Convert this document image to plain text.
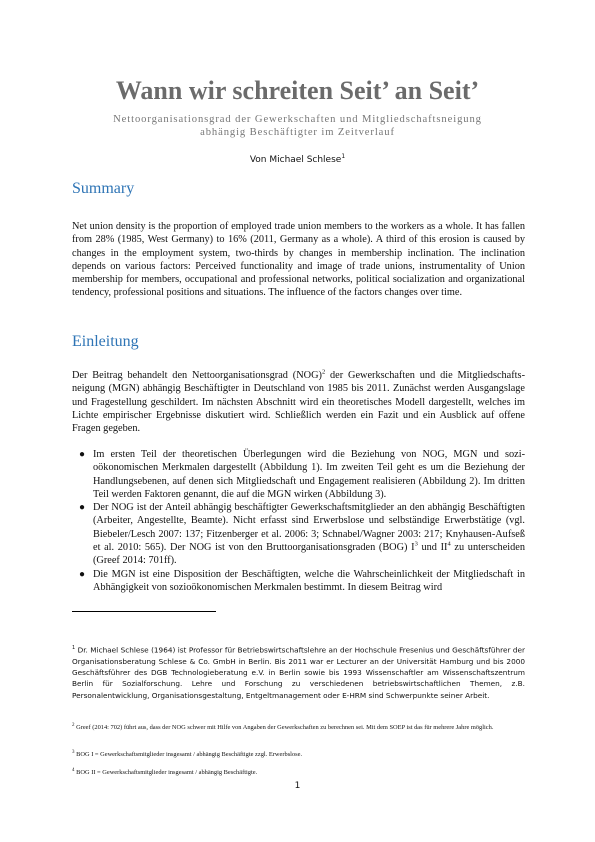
Wann wir schreiten Seit’ an Seit’

Nettoorganisationsgrad der Gewerkschaften und Mitgliedschaftsneigung
abhängig Beschäftigter im Zeitverlauf

Von Michael Schlese$^1$
Summary

Net union density is the proportion of employed trade union members to the workers as a whole. It has fallen from 28% (1985, West Germany) to 16% (2011, Germany as a whole). A third of this erosion is caused by changes in the employment system, two-thirds by changes in membership inclination. The inclination depends on various factors: Perceived functionality and image of trade unions, instrumentality of Union membership for members, occupational and professional networks, political socialization and organizational tendency, professional positions and situations. The influence of the factors changes over time.

Einleitung

Der Beitrag behandelt den Nettoorganisationsgrad (NOG)$^2$ der Gewerkschaften und die Mitgliedschaftsneigung (MGN) abhängig Beschäftigter in Deutschland von 1985 bis 2011. Zunächst werden Ausgangslage und Fragestellung geschildert. Im nächsten Abschnitt wird ein theoretisches Modell dargestellt, welches im Lichte empirischer Ergebnisse diskutiert wird. Schließlich werden ein Fazit und ein Ausblick auf offene Fragen gegeben.

● Im ersten Teil der theoretischen Überlegungen wird die Beziehung von NOG, MGN und sozioökonomischen Merkmalen dargestellt (Abbildung 1). Im zweiten Teil geht es um die Beziehung der Handlungsebenen, auf denen sich Mitgliedschaft und Engagement realisieren (Abbildung 2). Im dritten Teil werden Faktoren genannt, die auf die MGN wirken (Abbildung 3).
● Der NOG ist der Anteil abhängig beschäftigter Gewerkschaftsmitglieder an den abhängig Beschäftigten (Arbeiter, Angestellte, Beamte). Nicht erfasst sind Erwerbslose und selbständige Erwerbstätige (vgl. Biebeler/Lesch 2007: 137; Fitzenberger et al. 2006: 3; Schnabel/Wagner 2003: 217; Knyhausen-Aufseß et al. 2010: 565). Der NOG ist von den Bruttoorganisationsgraden (BOG) $I^3$ und $II^4$ zu unterscheiden (Greef 2014: 701ff).
● Die MGN ist eine Disposition der Beschäftigten, welche die Wahrscheinlichkeit der Mitgliedschaft in Abhängigkeit von sozioökonomischen Merkmalen bestimmt. In diesem Beitrag wird

$^1$ Dr. Michael Schlese (1964) ist Professor für Betriebswirtschaftslehre an der Hochschule Fresenius und Geschäftsführer der Organisationsberatung Schlese & Co. GmbH in Berlin. Bis 2011 war er Lecturer an der Universität Hamburg und bis 2000 Geschäftsführer des DGB Technologieberatung e.V. in Berlin sowie bis 1993 Wissenschaftler am Wissenschaftszentrum Berlin für Sozialforschung. Lehre und Forschung zu verschiedenen betriebswirtschaftlichen Themen, z.B. Personalentwicklung, Organisationsgestaltung, Entgeltmanagement oder E-HRM sind Schwerpunkte seiner Arbeit.

$^2$ Greef (2014: 702) führt aus, dass der NOG schwer mit Hilfe von Angaben der Gewerkschaften zu berechnen sei. Mit dem SOEP ist das für mehrere Jahre möglich.

$^3$ BOG I = Gewerkschaftsmitglieder insgesamt / abhängig Beschäftigte zzgl. Erwerbslose.

$^4$ BOG II = Gewerkschaftsmitglieder insgesamt / abhängig Beschäftigte.

1
